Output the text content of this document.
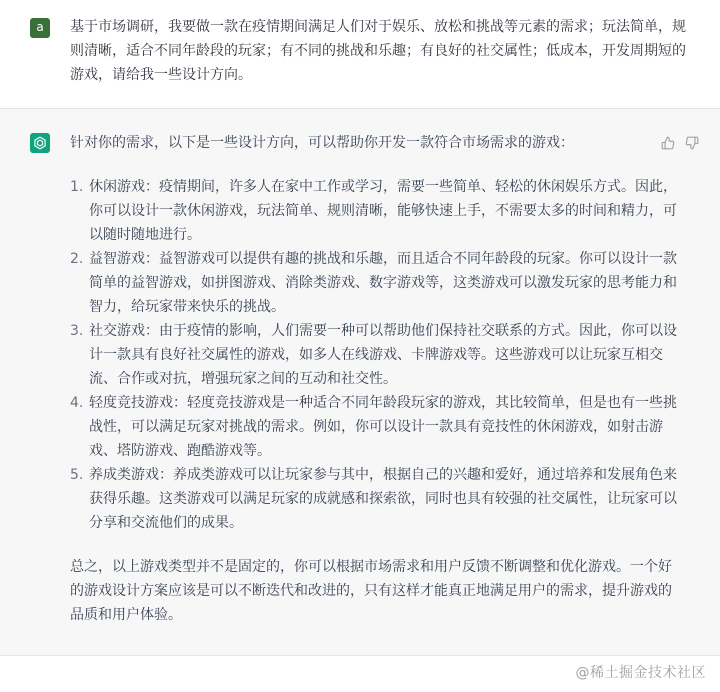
a	基于市场调研，我要做一款在疫情期间满足人们对于娱乐、放松和挑战等元素的需求；玩法简单，规则清晰，适合不同年龄段的玩家；有不同的挑战和乐趣；有良好的社交属性；低成本，开发周期短的游戏，请给我一些设计方向。

针对你的需求，以下是一些设计方向，可以帮助你开发一款符合市场需求的游戏：

1. 休闲游戏：疫情期间，许多人在家中工作或学习，需要一些简单、轻松的休闲娱乐方式。因此，你可以设计一款休闲游戏，玩法简单、规则清晰，能够快速上手，不需要太多的时间和精力，可以随时随地进行。
2. 益智游戏：益智游戏可以提供有趣的挑战和乐趣，而且适合不同年龄段的玩家。你可以设计一款简单的益智游戏，如拼图游戏、消除类游戏、数字游戏等，这类游戏可以激发玩家的思考能力和智力，给玩家带来快乐的挑战。
3. 社交游戏：由于疫情的影响，人们需要一种可以帮助他们保持社交联系的方式。因此，你可以设计一款具有良好社交属性的游戏，如多人在线游戏、卡牌游戏等。这些游戏可以让玩家互相交流、合作或对抗，增强玩家之间的互动和社交性。
4. 轻度竞技游戏：轻度竞技游戏是一种适合不同年龄段玩家的游戏，其比较简单，但是也有一些挑战性，可以满足玩家对挑战的需求。例如，你可以设计一款具有竞技性的休闲游戏，如射击游戏、塔防游戏、跑酷游戏等。
5. 养成类游戏：养成类游戏可以让玩家参与其中，根据自己的兴趣和爱好，通过培养和发展角色来获得乐趣。这类游戏可以满足玩家的成就感和探索欲，同时也具有较强的社交属性，让玩家可以分享和交流他们的成果。

总之，以上游戏类型并不是固定的，你可以根据市场需求和用户反馈不断调整和优化游戏。一个好的游戏设计方案应该是可以不断迭代和改进的，只有这样才能真正地满足用户的需求，提升游戏的品质和用户体验。

@稀土掘金技术社区
